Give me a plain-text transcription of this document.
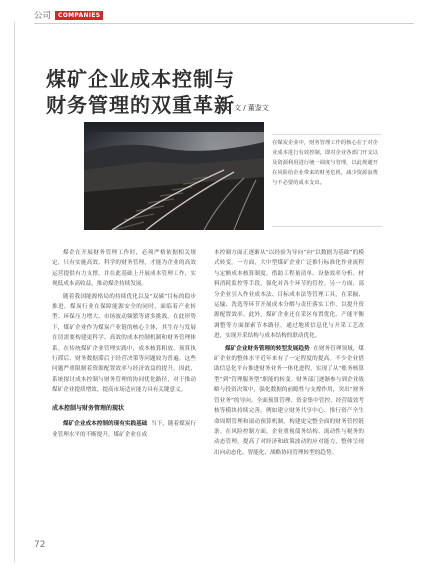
公司	COMPANIES
煤矿企业成本控制与
财务管理的双重革新 文 / 董鉴文

在煤炭企业中，财务管理工作的核心在于对企业成本进行有效控制。即对企业各部门开支以及资源利用进行统一调度与管理，以此规避开在风险给企业带来的财务危机，减少资源浪费与不必要的成本支出。

煤企在开展财务管理工作时，必须严格依据相关规定，只有实施高效、科学的财务管理，才能为企业的高效运营提供有力支撑，并在此基础上开展成本管理工作，实现低成本高收益，推动煤企持续发展。

随着我国能源格局的持续优化以及“双碳”目标的稳步推进，煤炭行业在保障能源安全的同时，面临着产业转型、环保压力增大、市场波动频繁等诸多挑战。在此形势下，煤矿企业作为煤炭产业链的核心主体，其生存与发展在切需要构建更科学、高效的成本控制机制和财务管理体系。在传统煤矿企业管理实践中，成本核算粗放、预算执行滞后、财务数据滞后于经营决策等问题较为普遍。这些问题严重限制着资源配置效率与经济效益的提升。因此，系统探讨成本控制与财务管理的协同优化路径，对于推动煤矿企业提质增效、提高市场适应能力具有关键意义。

成本控制与财务管理的现状

煤矿企业成本控制的现有实践基础 当下，随着煤炭行业管理水平的不断提升，煤矿企业在成

本控制方面正逐渐从“以经验为导向”向“以数据为基础”的模式转变。一方面，大中型煤矿企业广泛推行标准化作业流程与定额成本核算制度，借助工程量清单、设备效率分析、材料消耗监控等手段，强化对各个环节的管控。另一方面，部分企业引入作业成本法、目标成本法等管理工具，在采掘、运输、洗选等环节开展成本分解与责任落实工作，以提升资源配置效率。此外，煤矿企业还在采区布置优化、产能平衡调整等方面探索节本路径，通过地质信息化与开采工艺改进，实现开采结构与成本结构的联动优化。

煤矿企业财务管理的转型发展趋势 在财务管理领域，煤矿企业的整体水平近年来有了一定程度的提高。不少企业借助信息化平台推进财务业务一体化进程，实现了从“账务核算型”到“管理服务型”职能的转变。财务部门逐渐参与到企业战略与投资决策中，强化数据的前瞻性与支撑作用，突出“财务管业务”的导向。全面预算管理、资金集中管控、经营绩效考核等模块持续完善。例如建立财务共享中心、推行资产全生命周期管理和滚动预算机制，构建更完整全面的财务管控链条。在风险控制方面，企业重视债务结构、流动性与税务的动态管理，提高了对经济和政策波动的应对能力，整体呈现出向动态化、智能化、战略协同管理转型的趋势。

72
